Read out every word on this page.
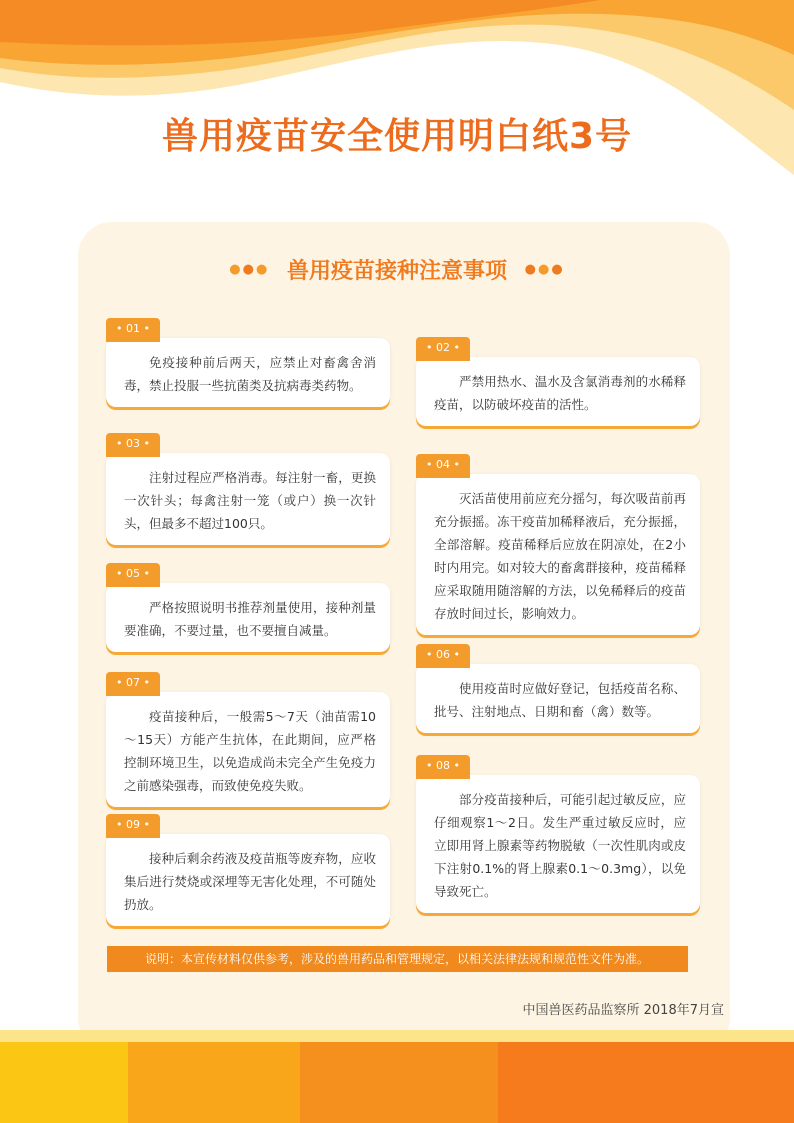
兽用疫苗安全使用明白纸3号
●●● 兽用疫苗接种注意事项 ●●●
• 01 •
免疫接种前后两天，应禁止对畜禽舍消毒，禁止投服一些抗菌类及抗病毒类药物。
• 03 •
注射过程应严格消毒。每注射一畜，更换一次针头；每禽注射一笼（或户）换一次针头，但最多不超过100只。
• 05 •
严格按照说明书推荐剂量使用，接种剂量要准确，不要过量，也不要擅自减量。
• 07 •
疫苗接种后，一般需5～7天（油苗需10～15天）方能产生抗体，在此期间，应严格控制环境卫生，以免造成尚未完全产生免疫力之前感染强毒，而致使免疫失败。
• 09 •
接种后剩余药液及疫苗瓶等废弃物，应收集后进行焚烧或深埋等无害化处理，不可随处扔放。
• 02 •
严禁用热水、温水及含氯消毒剂的水稀释疫苗，以防破坏疫苗的活性。
• 04 •
灭活苗使用前应充分摇匀，每次吸苗前再充分振摇。冻干疫苗加稀释液后，充分振摇，全部溶解。疫苗稀释后应放在阴凉处，在2小时内用完。如对较大的畜禽群接种，疫苗稀释应采取随用随溶解的方法，以免稀释后的疫苗存放时间过长，影响效力。
• 06 •
使用疫苗时应做好登记，包括疫苗名称、批号、注射地点、日期和畜（禽）数等。
• 08 •
部分疫苗接种后，可能引起过敏反应，应仔细观察1～2日。发生严重过敏反应时，应立即用肾上腺素等药物脱敏（一次性肌肉或皮下注射0.1%的肾上腺素0.1～0.3mg），以免导致死亡。
说明：本宣传材料仅供参考，涉及的兽用药品和管理规定，以相关法律法规和规范性文件为准。
中国兽医药品监察所 2018年7月宣
